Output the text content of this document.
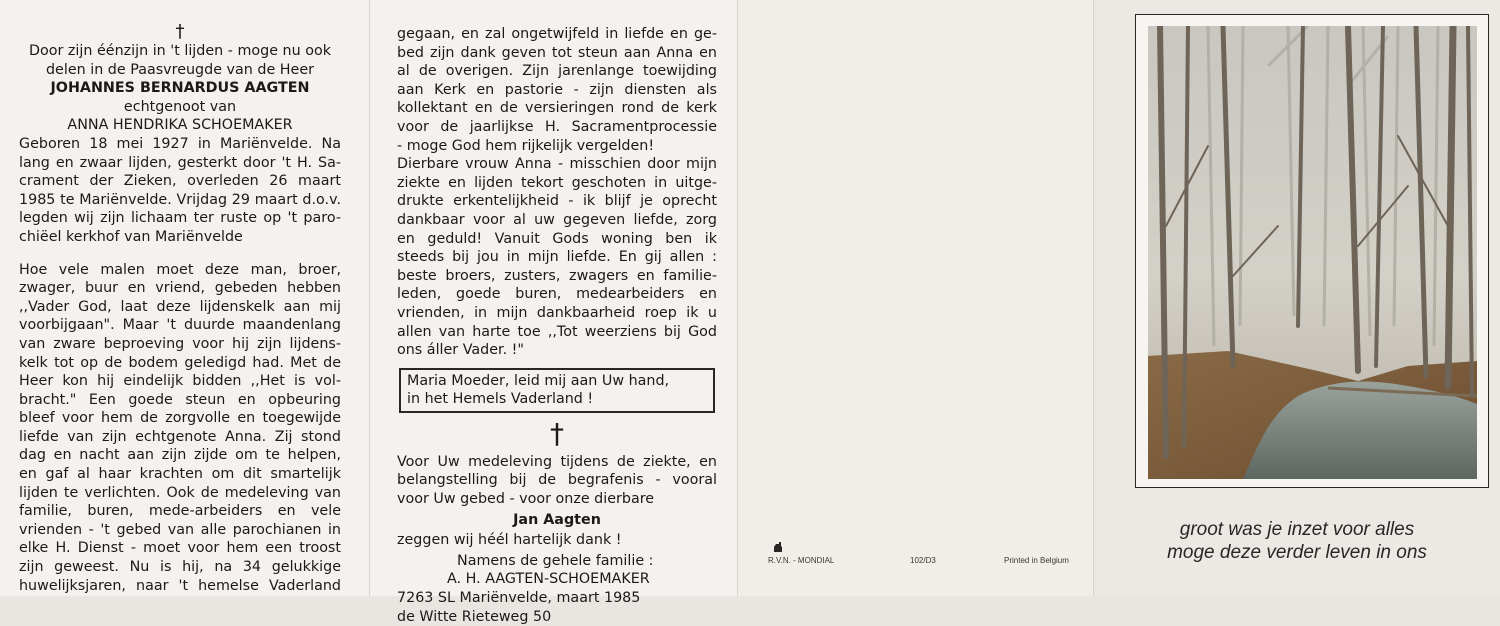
†
Door zijn éénzijn in 't lijden - moge nu ook
delen in de Paasvreugde van de Heer
JOHANNES BERNARDUS AAGTEN
echtgenoot van
ANNA HENDRIKA SCHOEMAKER
Geboren 18 mei 1927 in Mariënvelde. Na
lang en zwaar lijden, gesterkt door 't H. Sa-
crament der Zieken, overleden 26 maart
1985 te Mariënvelde. Vrijdag 29 maart d.o.v.
legden wij zijn lichaam ter ruste op 't paro-
chiëel kerkhof van Mariënvelde
Hoe vele malen moet deze man, broer,
zwager, buur en vriend, gebeden hebben
,,Vader God, laat deze lijdenskelk aan mij
voorbijgaan". Maar 't duurde maandenlang
van zware beproeving voor hij zijn lijdens-
kelk tot op de bodem geledigd had. Met de
Heer kon hij eindelijk bidden ,,Het is vol-
bracht." Een goede steun en opbeuring
bleef voor hem de zorgvolle en toegewijde
liefde van zijn echtgenote Anna. Zij stond
dag en nacht aan zijn zijde om te helpen,
en gaf al haar krachten om dit smartelijk
lijden te verlichten. Ook de medeleving van
familie, buren, mede-arbeiders en vele
vrienden - 't gebed van alle parochianen in
elke H. Dienst - moet voor hem een troost
zijn geweest. Nu is hij, na 34 gelukkige
huwelijksjaren, naar 't hemelse Vaderland
gegaan, en zal ongetwijfeld in liefde en ge-
bed zijn dank geven tot steun aan Anna en
al de overigen. Zijn jarenlange toewijding
aan Kerk en pastorie - zijn diensten als
kollektant en de versieringen rond de kerk
voor de jaarlijkse H. Sacramentprocessie
- moge God hem rijkelijk vergelden!
Dierbare vrouw Anna - misschien door mijn
ziekte en lijden tekort geschoten in uitge-
drukte erkentelijkheid - ik blijf je oprecht
dankbaar voor al uw gegeven liefde, zorg
en geduld! Vanuit Gods woning ben ik
steeds bij jou in mijn liefde. En gij allen :
beste broers, zusters, zwagers en familie-
leden, goede buren, medearbeiders en
vrienden, in mijn dankbaarheid roep ik u
allen van harte toe ,,Tot weerziens bij God
ons áller Vader. !"
Maria Moeder, leid mij aan Uw hand,
in het Hemels Vaderland !
†
Voor Uw medeleving tijdens de ziekte, en
belangstelling bij de begrafenis - vooral
voor Uw gebed - voor onze dierbare
Jan Aagten
zeggen wij héél hartelijk dank !
Namens de gehele familie :
A. H. AAGTEN-SCHOEMAKER
7263 SL Mariënvelde, maart 1985
de Witte Rieteweg 50
R.V.N. - MONDIAL	102/D3	Printed in Belgium
groot was je inzet voor alles
moge deze verder leven in ons
